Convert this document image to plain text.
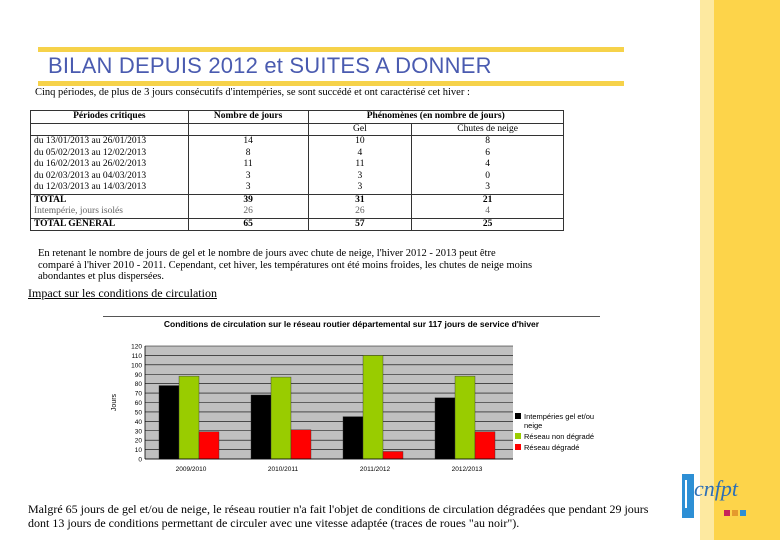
BILAN DEPUIS 2012 et SUITES A DONNER
Cinq périodes, de plus de 3 jours consécutifs d'intempéries, se sont succédé et ont caractérisé cet hiver :
Périodes critiques	Nombre de jours	Phénomènes (en nombre de jours)	
		Gel	Chutes de neige
du 13/01/2013 au 26/01/2013	14	10	8
du 05/02/2013 au 12/02/2013	8	4	6
du 16/02/2013 au 26/02/2013	11	11	4
du 02/03/2013 au 04/03/2013	3	3	0
du 12/03/2013 au 14/03/2013	3	3	3
TOTAL	39	31	21
Intempérie, jours isolés	26	26	4
TOTAL GENERAL	65	57	25
En retenant le nombre de jours de gel et le nombre de jours avec chute de neige, l'hiver 2012 - 2013 peut être comparé à l'hiver 2010 - 2011. Cependant, cet hiver, les températures ont été moins froides, les chutes de neige moins abondantes et plus dispersées.
Impact sur les conditions de circulation
Conditions de circulation sur le réseau routier départemental sur 117 jours de service d'hiver
0
10
20
30
40
50
60
70
80
90
100
110
120
Jours
2009/2010	2010/2011	2011/2012	2012/2013
Intempéries gel et/ou neige
Réseau non dégradé
Réseau dégradé
Malgré 65 jours de gel et/ou de neige, le réseau routier n'a fait l'objet de conditions de circulation dégradées que pendant 29 jours dont 13 jours de conditions permettant de circuler avec une vitesse adaptée (traces de roues "au noir").
cnfpt
